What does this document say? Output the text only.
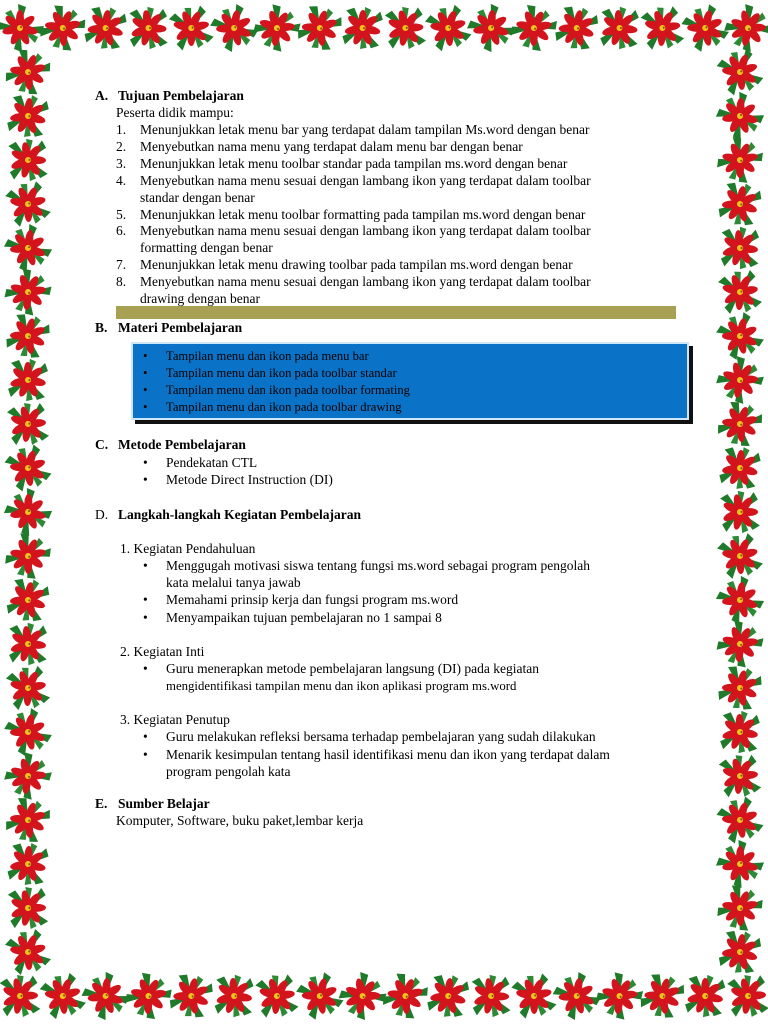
A. Tujuan Pembelajaran
Peserta didik mampu:
1. Menunjukkan letak menu bar yang terdapat dalam tampilan Ms.word dengan benar
2. Menyebutkan nama menu yang terdapat dalam menu bar dengan benar
3. Menunjukkan letak menu toolbar standar pada tampilan ms.word dengan benar
4. Menyebutkan nama menu sesuai dengan lambang ikon yang terdapat dalam toolbar
standar dengan benar
5. Menunjukkan letak menu toolbar formatting pada tampilan ms.word dengan benar
6. Menyebutkan nama menu sesuai dengan lambang ikon yang terdapat dalam toolbar
formatting dengan benar
7. Menunjukkan letak menu drawing toolbar pada tampilan ms.word dengan benar
8. Menyebutkan nama menu sesuai dengan lambang ikon yang terdapat dalam toolbar
drawing dengan benar
B. Materi Pembelajaran
• Tampilan menu dan ikon pada menu bar
• Tampilan menu dan ikon pada toolbar standar
• Tampilan menu dan ikon pada toolbar formating
• Tampilan menu dan ikon pada toolbar drawing
C. Metode Pembelajaran
• Pendekatan CTL
• Metode Direct Instruction (DI)
D. Langkah-langkah Kegiatan Pembelajaran
1. Kegiatan Pendahuluan
• Menggugah motivasi siswa tentang fungsi ms.word sebagai program pengolah
kata melalui tanya jawab
• Memahami prinsip kerja dan fungsi program ms.word
• Menyampaikan tujuan pembelajaran no 1 sampai 8
2. Kegiatan Inti
• Guru menerapkan metode pembelajaran langsung (DI) pada kegiatan
mengidentifikasi tampilan menu dan ikon aplikasi program ms.word
3. Kegiatan Penutup
• Guru melakukan refleksi bersama terhadap pembelajaran yang sudah dilakukan
• Menarik kesimpulan tentang hasil identifikasi menu dan ikon yang terdapat dalam
program pengolah kata
E. Sumber Belajar
Komputer, Software, buku paket,lembar kerja
